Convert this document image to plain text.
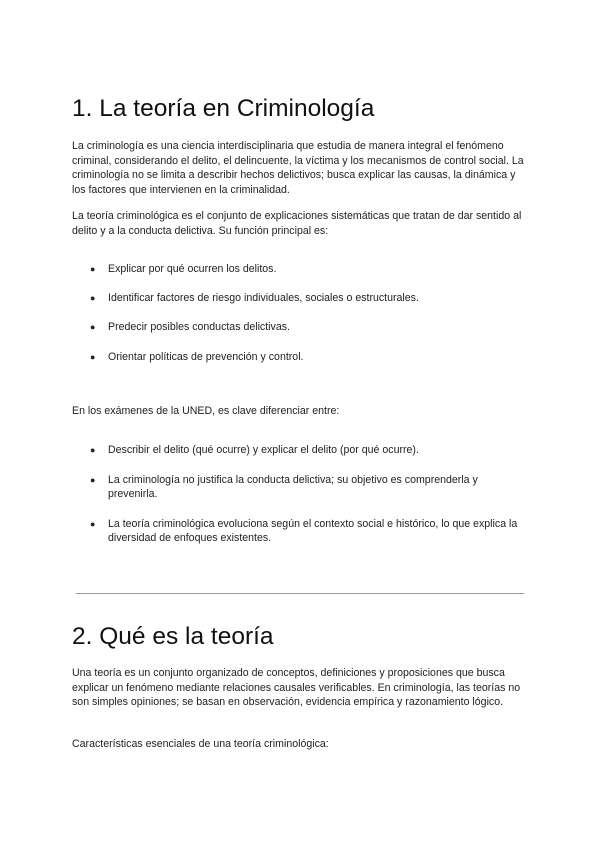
1. La teoría en Criminología

La criminología es una ciencia interdisciplinaria que estudia de manera integral el fenómeno criminal, considerando el delito, el delincuente, la víctima y los mecanismos de control social. La criminología no se limita a describir hechos delictivos; busca explicar las causas, la dinámica y los factores que intervienen en la criminalidad.

La teoría criminológica es el conjunto de explicaciones sistemáticas que tratan de dar sentido al delito y a la conducta delictiva. Su función principal es:

● Explicar por qué ocurren los delitos.
● Identificar factores de riesgo individuales, sociales o estructurales.
● Predecir posibles conductas delictivas.
● Orientar políticas de prevención y control.

En los exámenes de la UNED, es clave diferenciar entre:

● Describir el delito (qué ocurre) y explicar el delito (por qué ocurre).
● La criminología no justifica la conducta delictiva; su objetivo es comprenderla y prevenirla.
● La teoría criminológica evoluciona según el contexto social e histórico, lo que explica la diversidad de enfoques existentes.
2. Qué es la teoría

Una teoría es un conjunto organizado de conceptos, definiciones y proposiciones que busca explicar un fenómeno mediante relaciones causales verificables. En criminología, las teorías no son simples opiniones; se basan en observación, evidencia empírica y razonamiento lógico.

Características esenciales de una teoría criminológica:
